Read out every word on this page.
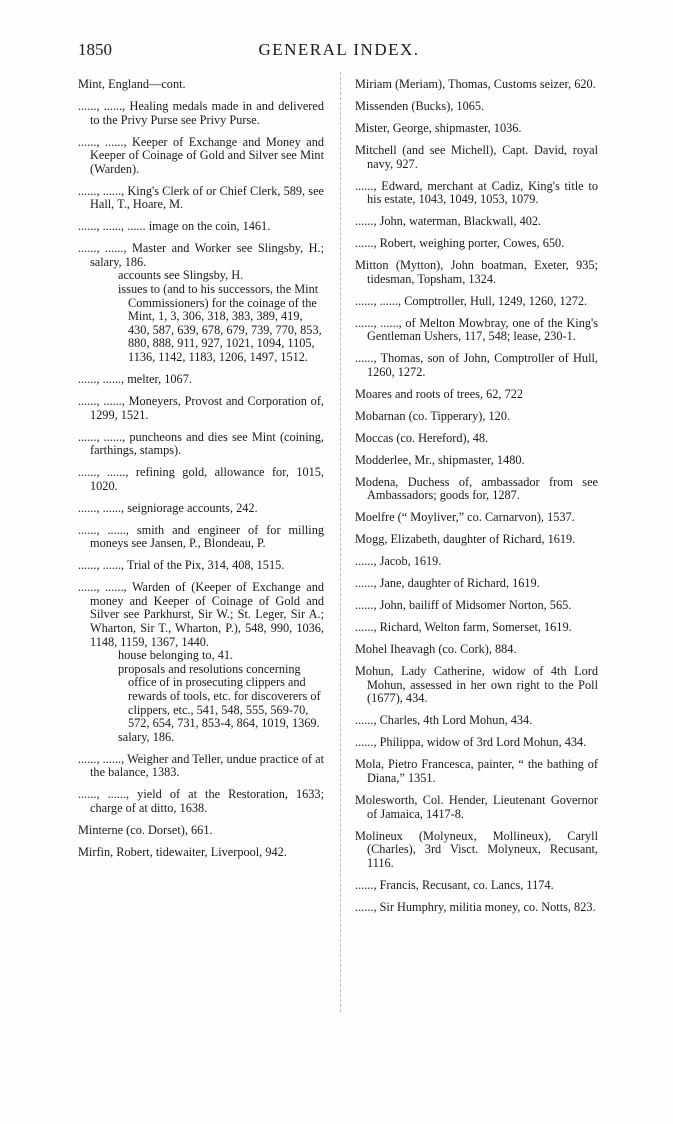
1850	GENERAL INDEX.

Mint, England—cont.

......, ......, Healing medals made in and delivered to the Privy Purse see Privy Purse.

......, ......, Keeper of Exchange and Money and Keeper of Coinage of Gold and Silver see Mint (Warden).

......, ......, King's Clerk of or Chief Clerk, 589, see Hall, T., Hoare, M.

......, ......, ...... image on the coin, 1461.

......, ......, Master and Worker see Slingsby, H.; salary, 186.

accounts see Slingsby, H.

issues to (and to his successors, the Mint Commissioners) for the coinage of the Mint, 1, 3, 306, 318, 383, 389, 419, 430, 587, 639, 678, 679, 739, 770, 853, 880, 888, 911, 927, 1021, 1094, 1105, 1136, 1142, 1183, 1206, 1497, 1512.

......, ......, melter, 1067.

......, ......, Moneyers, Provost and Corporation of, 1299, 1521.

......, ......, puncheons and dies see Mint (coining, farthings, stamps).

......, ......, refining gold, allowance for, 1015, 1020.

......, ......, seigniorage accounts, 242.

......, ......, smith and engineer of for milling moneys see Jansen, P., Blondeau, P.

......, ......, Trial of the Pix, 314, 408, 1515.

......, ......, Warden of (Keeper of Exchange and money and Keeper of Coinage of Gold and Silver see Parkhurst, Sir W.; St. Leger, Sir A.; Wharton, Sir T., Wharton, P.), 548, 990, 1036, 1148, 1159, 1367, 1440.

house belonging to, 41.

proposals and resolutions concerning office of in prosecuting clippers and rewards of tools, etc. for discoverers of clippers, etc., 541, 548, 555, 569-70, 572, 654, 731, 853-4, 864, 1019, 1369.

salary, 186.

......, ......, Weigher and Teller, undue practice of at the balance, 1383.

......, ......, yield of at the Restoration, 1633; charge of at ditto, 1638.

Minterne (co. Dorset), 661.

Mirfin, Robert, tidewaiter, Liverpool, 942.

Miriam (Meriam), Thomas, Customs seizer, 620.

Missenden (Bucks), 1065.

Mister, George, shipmaster, 1036.

Mitchell (and see Michell), Capt. David, royal navy, 927.

......, Edward, merchant at Cadiz, King's title to his estate, 1043, 1049, 1053, 1079.

......, John, waterman, Blackwall, 402.

......, Robert, weighing porter, Cowes, 650.

Mitton (Mytton), John boatman, Exeter, 935; tidesman, Topsham, 1324.

......, ......, Comptroller, Hull, 1249, 1260, 1272.

......, ......, of Melton Mowbray, one of the King's Gentleman Ushers, 117, 548; lease, 230-1.

......, Thomas, son of John, Comptroller of Hull, 1260, 1272.

Moares and roots of trees, 62, 722

Mobarnan (co. Tipperary), 120.

Moccas (co. Hereford), 48.

Modderlee, Mr., shipmaster, 1480.

Modena, Duchess of, ambassador from see Ambassadors; goods for, 1287.

Moelfre (“ Moyliver,” co. Carnarvon), 1537.

Mogg, Elizabeth, daughter of Richard, 1619.

......, Jacob, 1619.

......, Jane, daughter of Richard, 1619.

......, John, bailiff of Midsomer Norton, 565.

......, Richard, Welton farm, Somerset, 1619.

Mohel Iheavagh (co. Cork), 884.

Mohun, Lady Catherine, widow of 4th Lord Mohun, assessed in her own right to the Poll (1677), 434.

......, Charles, 4th Lord Mohun, 434.

......, Philippa, widow of 3rd Lord Mohun, 434.

Mola, Pietro Francesca, painter, “ the bathing of Diana,” 1351.

Molesworth, Col. Hender, Lieutenant Governor of Jamaica, 1417-8.

Molineux (Molyneux, Mollineux), Caryll (Charles), 3rd Visct. Molyneux, Recusant, 1116.

......, Francis, Recusant, co. Lancs, 1174.

......, Sir Humphry, militia money, co. Notts, 823.
